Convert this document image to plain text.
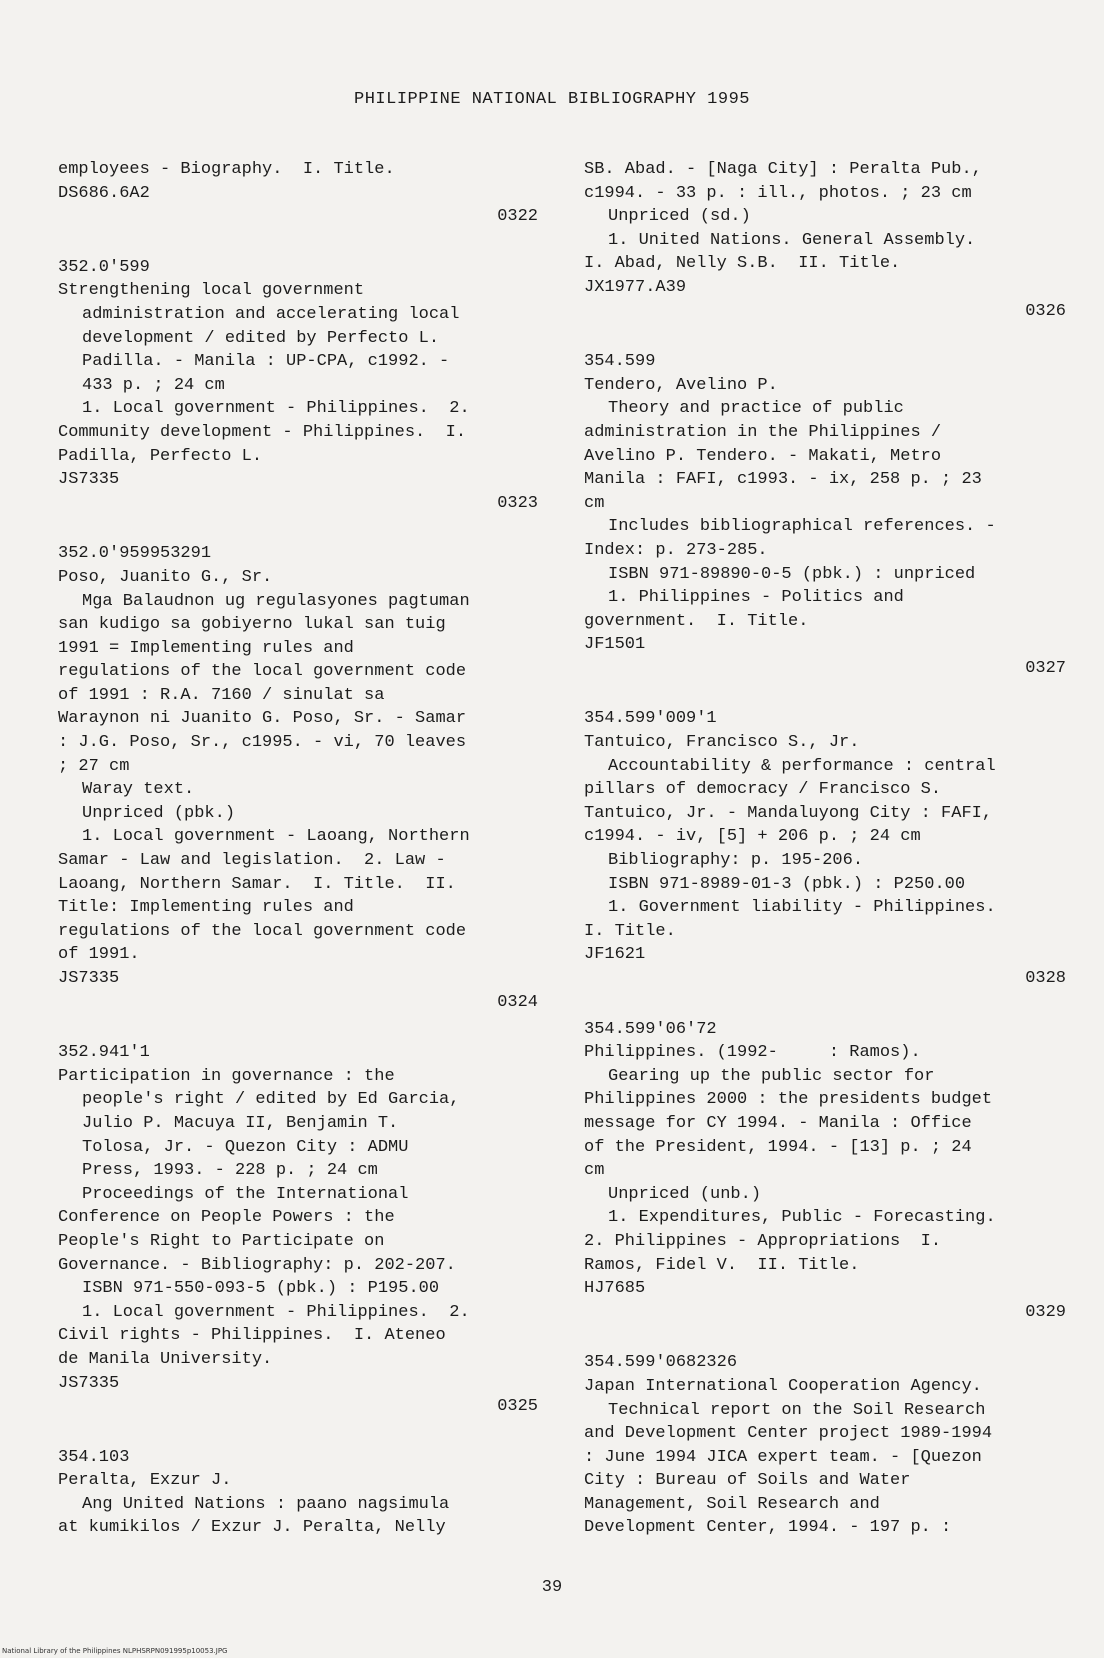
PHILIPPINE NATIONAL BIBLIOGRAPHY 1995

employees - Biography.  I. Title.

DS686.6A2

0322

352.0'599

Strengthening local government

administration and accelerating local

development / edited by Perfecto L.

Padilla. - Manila : UP-CPA, c1992. -

433 p. ; 24 cm

1. Local government - Philippines.  2.

Community development - Philippines.  I.

Padilla, Perfecto L.

JS7335

0323

352.0'959953291

Poso, Juanito G., Sr.

Mga Balaudnon ug regulasyones pagtuman

san kudigo sa gobiyerno lukal san tuig

1991 = Implementing rules and

regulations of the local government code

of 1991 : R.A. 7160 / sinulat sa

Waraynon ni Juanito G. Poso, Sr. - Samar

: J.G. Poso, Sr., c1995. - vi, 70 leaves

; 27 cm

Waray text.

Unpriced (pbk.)

1. Local government - Laoang, Northern

Samar - Law and legislation.  2. Law -

Laoang, Northern Samar.  I. Title.  II.

Title: Implementing rules and

regulations of the local government code

of 1991.

JS7335

0324

352.941'1

Participation in governance : the

people's right / edited by Ed Garcia,

Julio P. Macuya II, Benjamin T.

Tolosa, Jr. - Quezon City : ADMU

Press, 1993. - 228 p. ; 24 cm

Proceedings of the International

Conference on People Powers : the

People's Right to Participate on

Governance. - Bibliography: p. 202-207.

ISBN 971-550-093-5 (pbk.) : P195.00

1. Local government - Philippines.  2.

Civil rights - Philippines.  I. Ateneo

de Manila University.

JS7335

0325

354.103

Peralta, Exzur J.

Ang United Nations : paano nagsimula

at kumikilos / Exzur J. Peralta, Nelly

SB. Abad. - [Naga City] : Peralta Pub.,

c1994. - 33 p. : ill., photos. ; 23 cm

Unpriced (sd.)

1. United Nations. General Assembly.

I. Abad, Nelly S.B.  II. Title.

JX1977.A39

0326

354.599

Tendero, Avelino P.

Theory and practice of public

administration in the Philippines /

Avelino P. Tendero. - Makati, Metro

Manila : FAFI, c1993. - ix, 258 p. ; 23

cm

Includes bibliographical references. -

Index: p. 273-285.

ISBN 971-89890-0-5 (pbk.) : unpriced

1. Philippines - Politics and

government.  I. Title.

JF1501

0327

354.599'009'1

Tantuico, Francisco S., Jr.

Accountability & performance : central

pillars of democracy / Francisco S.

Tantuico, Jr. - Mandaluyong City : FAFI,

c1994. - iv, [5] + 206 p. ; 24 cm

Bibliography: p. 195-206.

ISBN 971-8989-01-3 (pbk.) : P250.00

1. Government liability - Philippines.

I. Title.

JF1621

0328

354.599'06'72

Philippines. (1992-     : Ramos).

Gearing up the public sector for

Philippines 2000 : the presidents budget

message for CY 1994. - Manila : Office

of the President, 1994. - [13] p. ; 24

cm

Unpriced (unb.)

1. Expenditures, Public - Forecasting.

2. Philippines - Appropriations  I.

Ramos, Fidel V.  II. Title.

HJ7685

0329

354.599'0682326

Japan International Cooperation Agency.

Technical report on the Soil Research

and Development Center project 1989-1994

: June 1994 JICA expert team. - [Quezon

City : Bureau of Soils and Water

Management, Soil Research and

Development Center, 1994. - 197 p. :

39
National Library of the Philippines NLPHSRPN091995p10053.JPG
